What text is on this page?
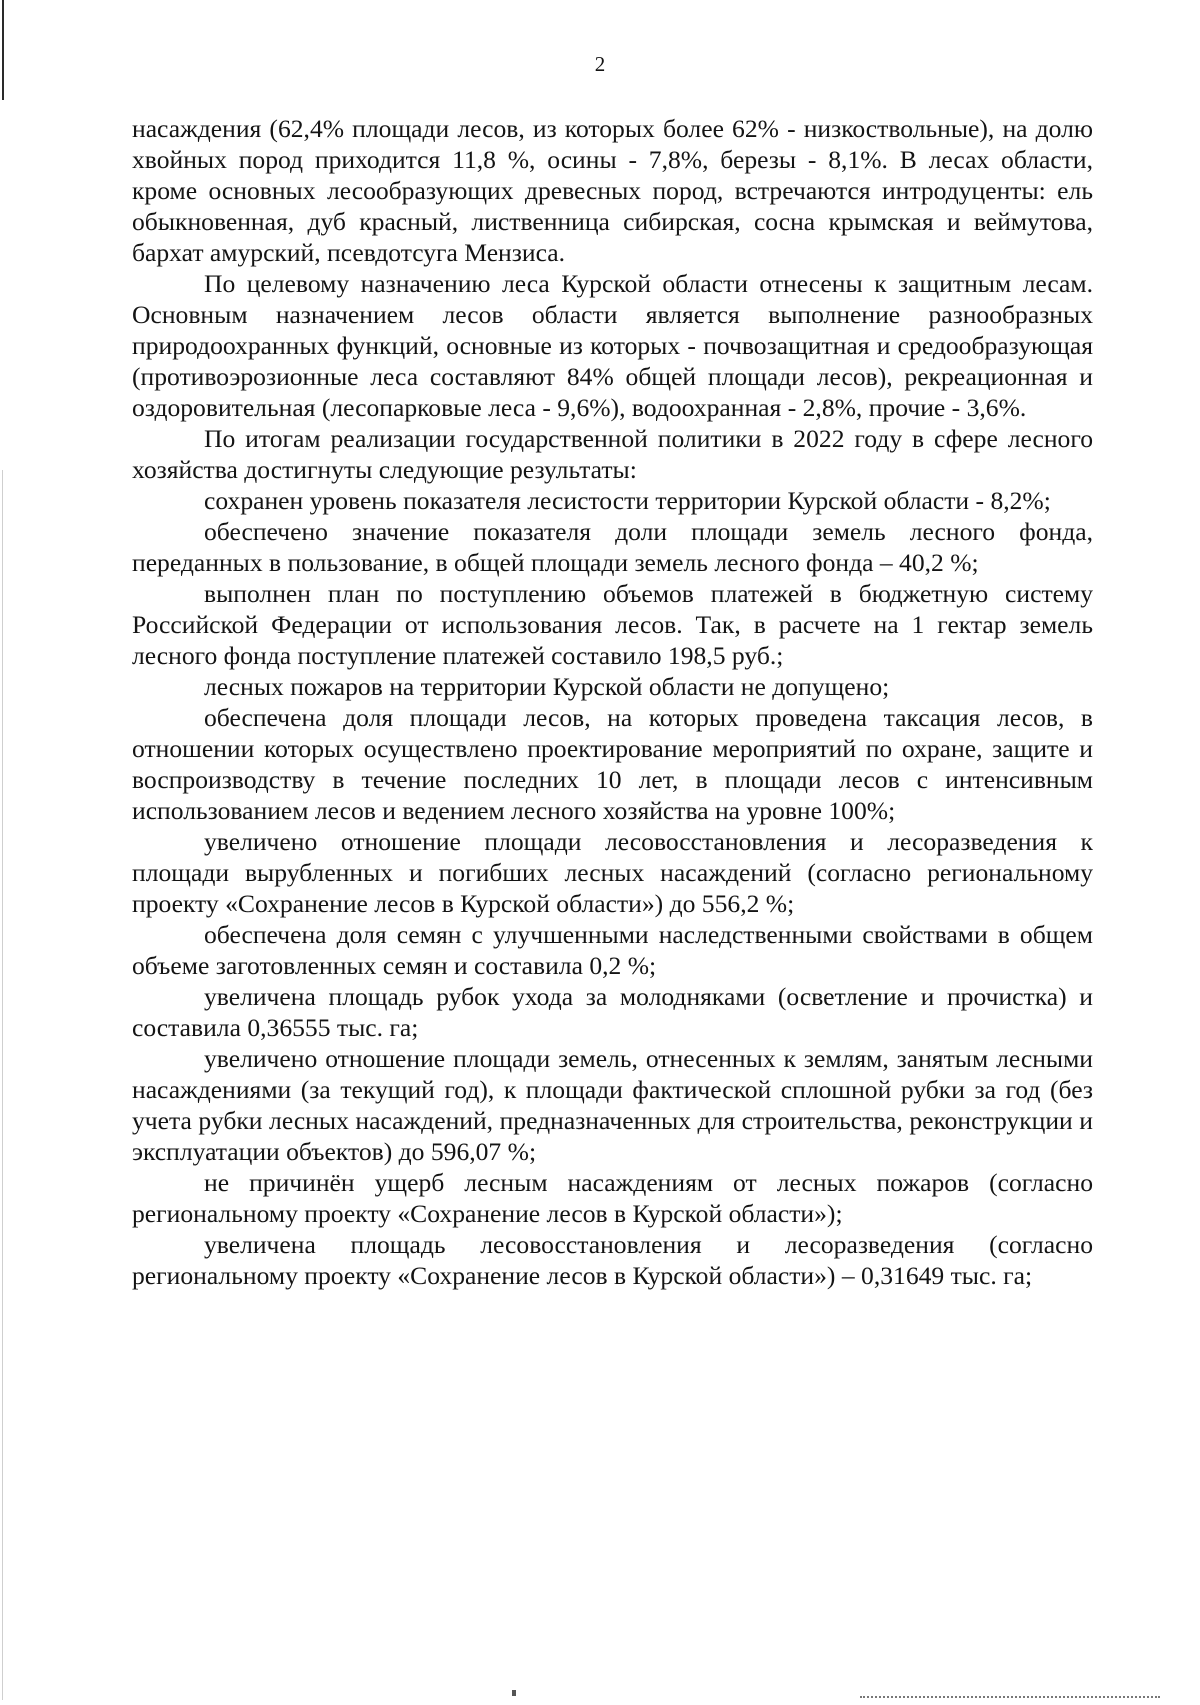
2

насаждения (62,4% площади лесов, из которых более 62% - низкоствольные), на долю хвойных пород приходится 11,8 %, осины - 7,8%, березы - 8,1%. В лесах области, кроме основных лесообразующих древесных пород, встречаются интродуценты: ель обыкновенная, дуб красный, лиственница сибирская, сосна крымская и веймутова, бархат амурский, псевдотсуга Мензиса.

По целевому назначению леса Курской области отнесены к защитным лесам. Основным назначением лесов области является выполнение разнообразных природоохранных функций, основные из которых - почвозащитная и средообразующая (противоэрозионные леса составляют 84% общей площади лесов), рекреационная и оздоровительная (лесопарковые леса - 9,6%), водоохранная - 2,8%, прочие - 3,6%.

По итогам реализации государственной политики в 2022 году в сфере лесного хозяйства достигнуты следующие результаты:

сохранен уровень показателя лесистости территории Курской области - 8,2%;

обеспечено значение показателя доли площади земель лесного фонда, переданных в пользование, в общей площади земель лесного фонда – 40,2 %;

выполнен план по поступлению объемов платежей в бюджетную систему Российской Федерации от использования лесов. Так, в расчете на 1 гектар земель лесного фонда поступление платежей составило 198,5 руб.;

лесных пожаров на территории Курской области не допущено;

обеспечена доля площади лесов, на которых проведена таксация лесов, в отношении которых осуществлено проектирование мероприятий по охране, защите и воспроизводству в течение последних 10 лет, в площади лесов с интенсивным использованием лесов и ведением лесного хозяйства на уровне 100%;

увеличено отношение площади лесовосстановления и лесоразведения к площади вырубленных и погибших лесных насаждений (согласно региональному проекту «Сохранение лесов в Курской области») до 556,2 %;

обеспечена доля семян с улучшенными наследственными свойствами в общем объеме заготовленных семян и составила 0,2 %;

увеличена площадь рубок ухода за молодняками (осветление и прочистка) и составила 0,36555 тыс. га;

увеличено отношение площади земель, отнесенных к землям, занятым лесными насаждениями (за текущий год), к площади фактической сплошной рубки за год (без учета рубки лесных насаждений, предназначенных для строительства, реконструкции и эксплуатации объектов) до 596,07 %;

не причинён ущерб лесным насаждениям от лесных пожаров (согласно региональному проекту «Сохранение лесов в Курской области»);

увеличена площадь лесовосстановления и лесоразведения (согласно региональному проекту «Сохранение лесов в Курской области») – 0,31649 тыс. га;
